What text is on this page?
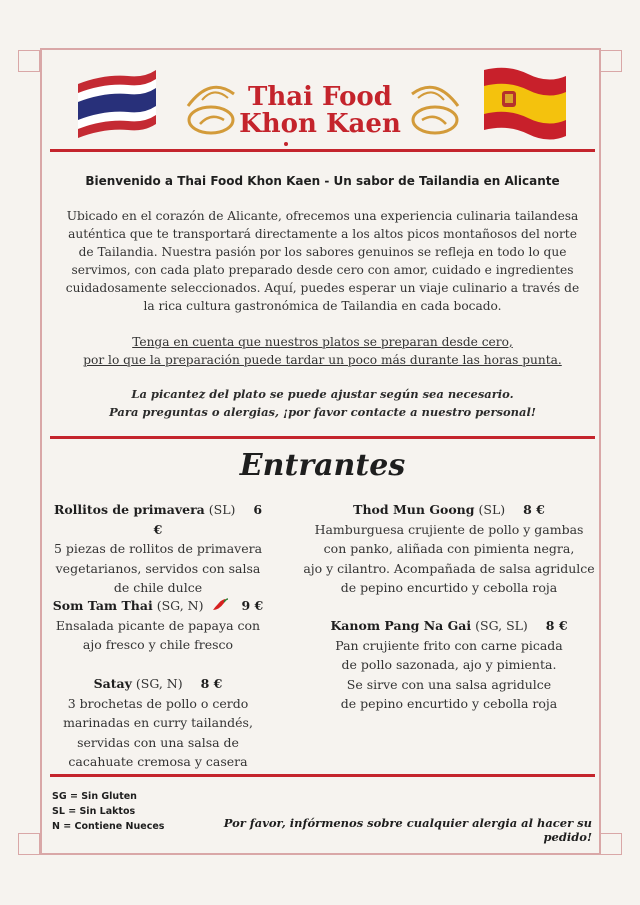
Thai Food
Khon Kaen
Bienvenido a Thai Food Khon Kaen - Un sabor de Tailandia en Alicante
Ubicado en el corazón de Alicante, ofrecemos una experiencia culinaria tailandesa auténtica que te transportará directamente a los altos picos montañosos del norte de Tailandia. Nuestra pasión por los sabores genuinos se refleja en todo lo que servimos, con cada plato preparado desde cero con amor, cuidado e ingredientes cuidadosamente seleccionados. Aquí, puedes esperar un viaje culinario a través de la rica cultura gastronómica de Tailandia en cada bocado.
Tenga en cuenta que nuestros platos se preparan desde cero,
por lo que la preparación puede tardar un poco más durante las horas punta.
La picantez del plato se puede ajustar según sea necesario.
Para preguntas o alergias, ¡por favor contacte a nuestro personal!
Entrantes
Rollitos de primavera (SL) 6 €
5 piezas de rollitos de primavera
vegetarianos, servidos con salsa
de chile dulce
Som Tam Thai (SG, N)	9 €
Ensalada picante de papaya con
ajo fresco y chile fresco
Satay (SG, N) 8 €
3 brochetas de pollo o cerdo
marinadas en curry tailandés,
servidas con una salsa de
cacahuate cremosa y casera
Thod Mun Goong (SL) 8 €
Hamburguesa crujiente de pollo y gambas
con panko, aliñada con pimienta negra,
ajo y cilantro. Acompañada de salsa agridulce
de pepino encurtido y cebolla roja
Kanom Pang Na Gai (SG, SL) 8 €
Pan crujiente frito con carne picada
de pollo sazonada, ajo y pimienta.
Se sirve con una salsa agridulce
de pepino encurtido y cebolla roja
SG = Sin Gluten
SL = Sin Laktos
N = Contiene Nueces	Por favor, infórmenos sobre cualquier alergia al hacer su pedido!
